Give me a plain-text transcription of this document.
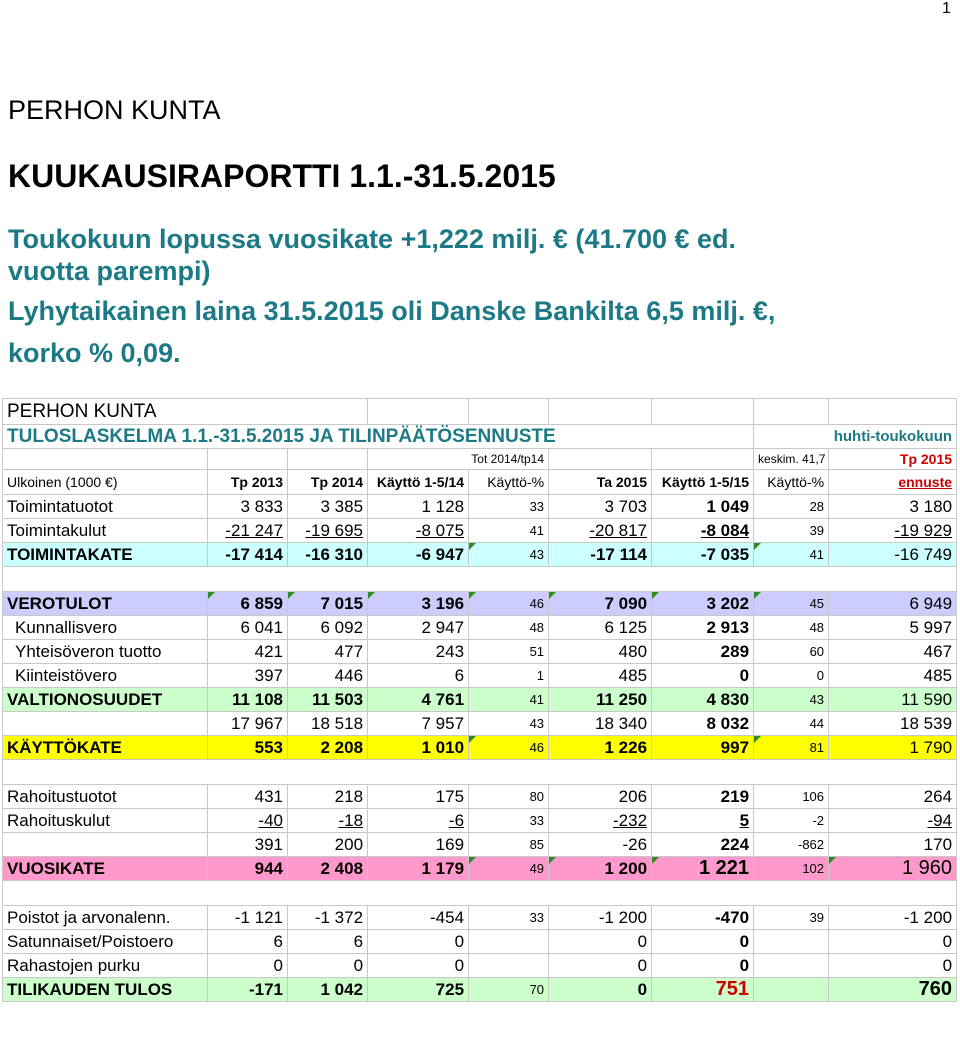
1
PERHON KUNTA
KUUKAUSIRAPORTTI 1.1.-31.5.2015
Toukokuun lopussa vuosikate +1,222 milj. € (41.700 € ed.
vuotta parempi)
Lyhytaikainen laina 31.5.2015 oli Danske Bankilta 6,5 milj. €,
korko % 0,09.
PERHON KUNTA								
TULOSLASKELMA 1.1.-31.5.2015 JA TILINPÄÄTÖSENNUSTE							huhti-toukokuun	
			Tot 2014/tp14				keskim. 41,7	Tp 2015
Ulkoinen (1000 €)	Tp 2013	Tp 2014	Käyttö 1-5/14	Käyttö-%	Ta 2015	Käyttö 1-5/15	Käyttö-%	ennuste
Toimintatuotot	3 833	3 385	1 128	33	3 703	1 049	28	3 180
Toimintakulut	-21 247	-19 695	-8 075	41	-20 817	-8 084	39	-19 929
TOIMINTAKATE	-17 414	-16 310	-6 947	43	-17 114	-7 035	41	-16 749

VEROTULOT	6 859	7 015	3 196	46	7 090	3 202	45	6 949
Kunnallisvero	6 041	6 092	2 947	48	6 125	2 913	48	5 997
Yhteisöveron tuotto	421	477	243	51	480	289	60	467
Kiinteistövero	397	446	6	1	485	0	0	485
VALTIONOSUUDET	11 108	11 503	4 761	41	11 250	4 830	43	11 590
	17 967	18 518	7 957	43	18 340	8 032	44	18 539
KÄYTTÖKATE	553	2 208	1 010	46	1 226	997	81	1 790

Rahoitustuotot	431	218	175	80	206	219	106	264
Rahoituskulut	-40	-18	-6	33	-232	5	-2	-94
	391	200	169	85	-26	224	-862	170
VUOSIKATE	944	2 408	1 179	49	1 200	1 221	102	1 960

Poistot ja arvonalenn.	-1 121	-1 372	-454	33	-1 200	-470	39	-1 200
Satunnaiset/Poistoero	6	6	0		0	0		0
Rahastojen purku	0	0	0		0	0		0
TILIKAUDEN TULOS	-171	1 042	725	70	0	751		760
